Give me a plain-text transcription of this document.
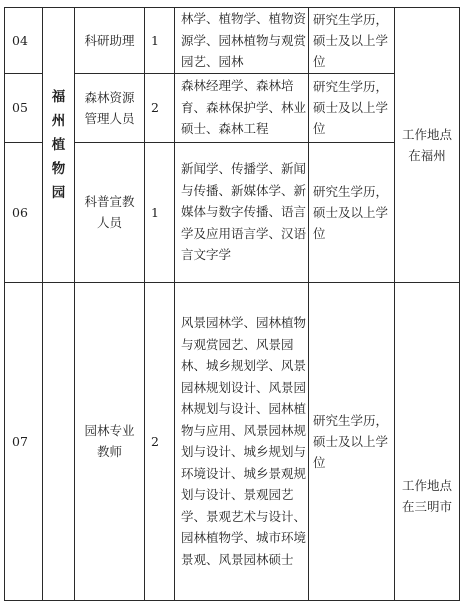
04	福州植物园	科研助理	1	林学、植物学、植物资源学、园林植物与观赏园艺、园林	研究生学历，硕士及以上学位	工作地点在福州
05		森林资源管理人员	2	森林经理学、森林培育、森林保护学、林业硕士、森林工程	研究生学历，硕士及以上学位	
06		科普宣教人员	1	新闻学、传播学、新闻与传播、新媒体学、新媒体与数字传播、语言学及应用语言学、汉语言文字学	研究生学历，硕士及以上学位	
07		园林专业教师	2	风景园林学、园林植物与观赏园艺、风景园林、城乡规划学、风景园林规划设计、风景园林规划与设计、园林植物与应用、风景园林规划与设计、城乡规划与环境设计、城乡景观规划与设计、景观园艺学、景观艺术与设计、园林植物学、城市环境景观、风景园林硕士	研究生学历，硕士及以上学位	工作地点在三明市
